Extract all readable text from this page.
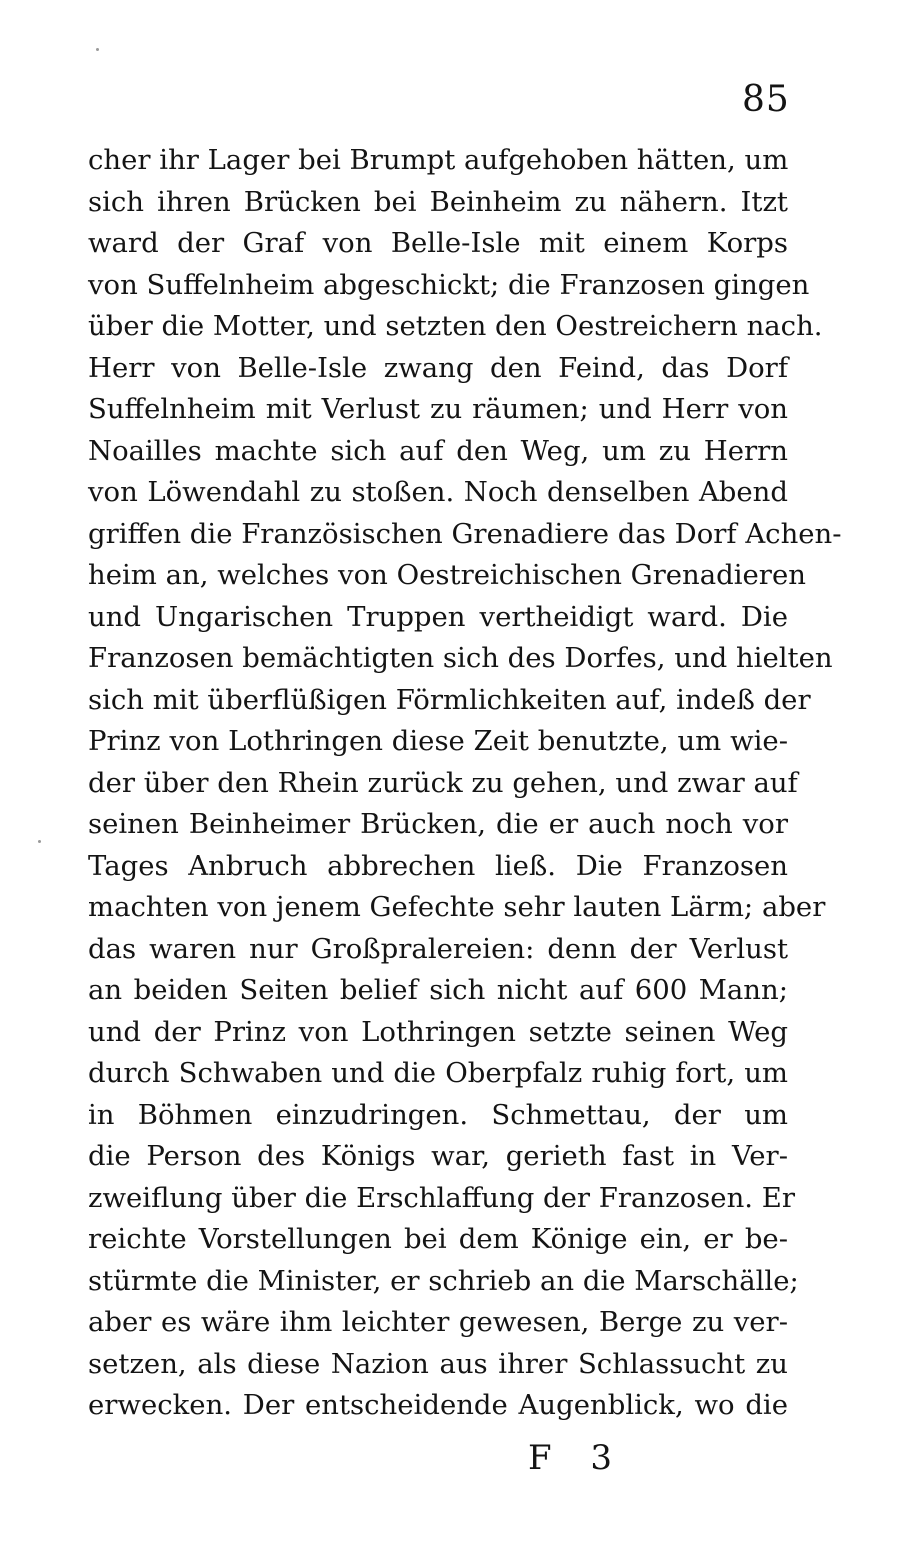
85
cher ihr Lager bei Brumpt aufgehoben hätten, um
sich ihren Brücken bei Beinheim zu nähern. Itzt
ward der Graf von Belle-Isle mit einem Korps
von Suffelnheim abgeschickt; die Franzosen gingen
über die Motter, und setzten den Oestreichern nach.
Herr von Belle-Isle zwang den Feind, das Dorf
Suffelnheim mit Verlust zu räumen; und Herr von
Noailles machte sich auf den Weg, um zu Herrn
von Löwendahl zu stoßen. Noch denselben Abend
griffen die Französischen Grenadiere das Dorf Achen-
heim an, welches von Oestreichischen Grenadieren
und Ungarischen Truppen vertheidigt ward. Die
Franzosen bemächtigten sich des Dorfes, und hielten
sich mit überflüßigen Förmlichkeiten auf, indeß der
Prinz von Lothringen diese Zeit benutzte, um wie-
der über den Rhein zurück zu gehen, und zwar auf
seinen Beinheimer Brücken, die er auch noch vor
Tages Anbruch abbrechen ließ. Die Franzosen
machten von jenem Gefechte sehr lauten Lärm; aber
das waren nur Großpralereien: denn der Verlust
an beiden Seiten belief sich nicht auf 600 Mann;
und der Prinz von Lothringen setzte seinen Weg
durch Schwaben und die Oberpfalz ruhig fort, um
in Böhmen einzudringen. Schmettau, der um
die Person des Königs war, gerieth fast in Ver-
zweiflung über die Erschlaffung der Franzosen. Er
reichte Vorstellungen bei dem Könige ein, er be-
stürmte die Minister, er schrieb an die Marschälle;
aber es wäre ihm leichter gewesen, Berge zu ver-
setzen, als diese Nazion aus ihrer Schlassucht zu
erwecken. Der entscheidende Augenblick, wo die
F 3
